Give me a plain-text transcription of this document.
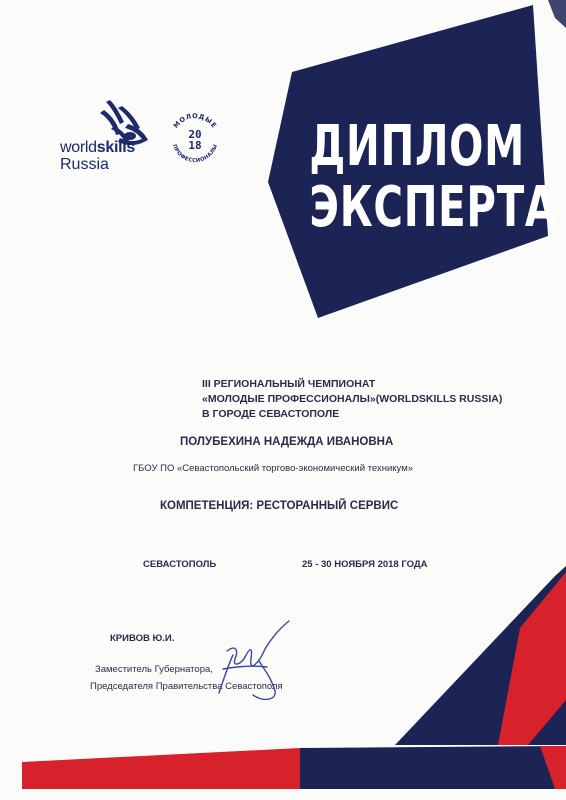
worldskills
Russia
МОЛОДЫЕ
ПРОФЕССИОНАЛЫ
20
18 ДИПЛОМ
ЭКСПЕРТА
III РЕГИОНАЛЬНЫЙ ЧЕМПИОНАТ
«МОЛОДЫЕ ПРОФЕССИОНАЛЫ»(WORLDSKILLS RUSSIA)
В ГОРОДЕ СЕВАСТОПОЛЕ
ПОЛУБЕХИНА НАДЕЖДА ИВАНОВНА
ГБОУ ПО «Севастопольский торгово-экономический техникум»
КОМПЕТЕНЦИЯ: РЕСТОРАННЫЙ СЕРВИС
СЕВАСТОПОЛЬ	25 - 30 НОЯБРЯ 2018 ГОДА
КРИВОВ Ю.И.
Заместитель Губернатора,
Председателя Правительства Севастополя
